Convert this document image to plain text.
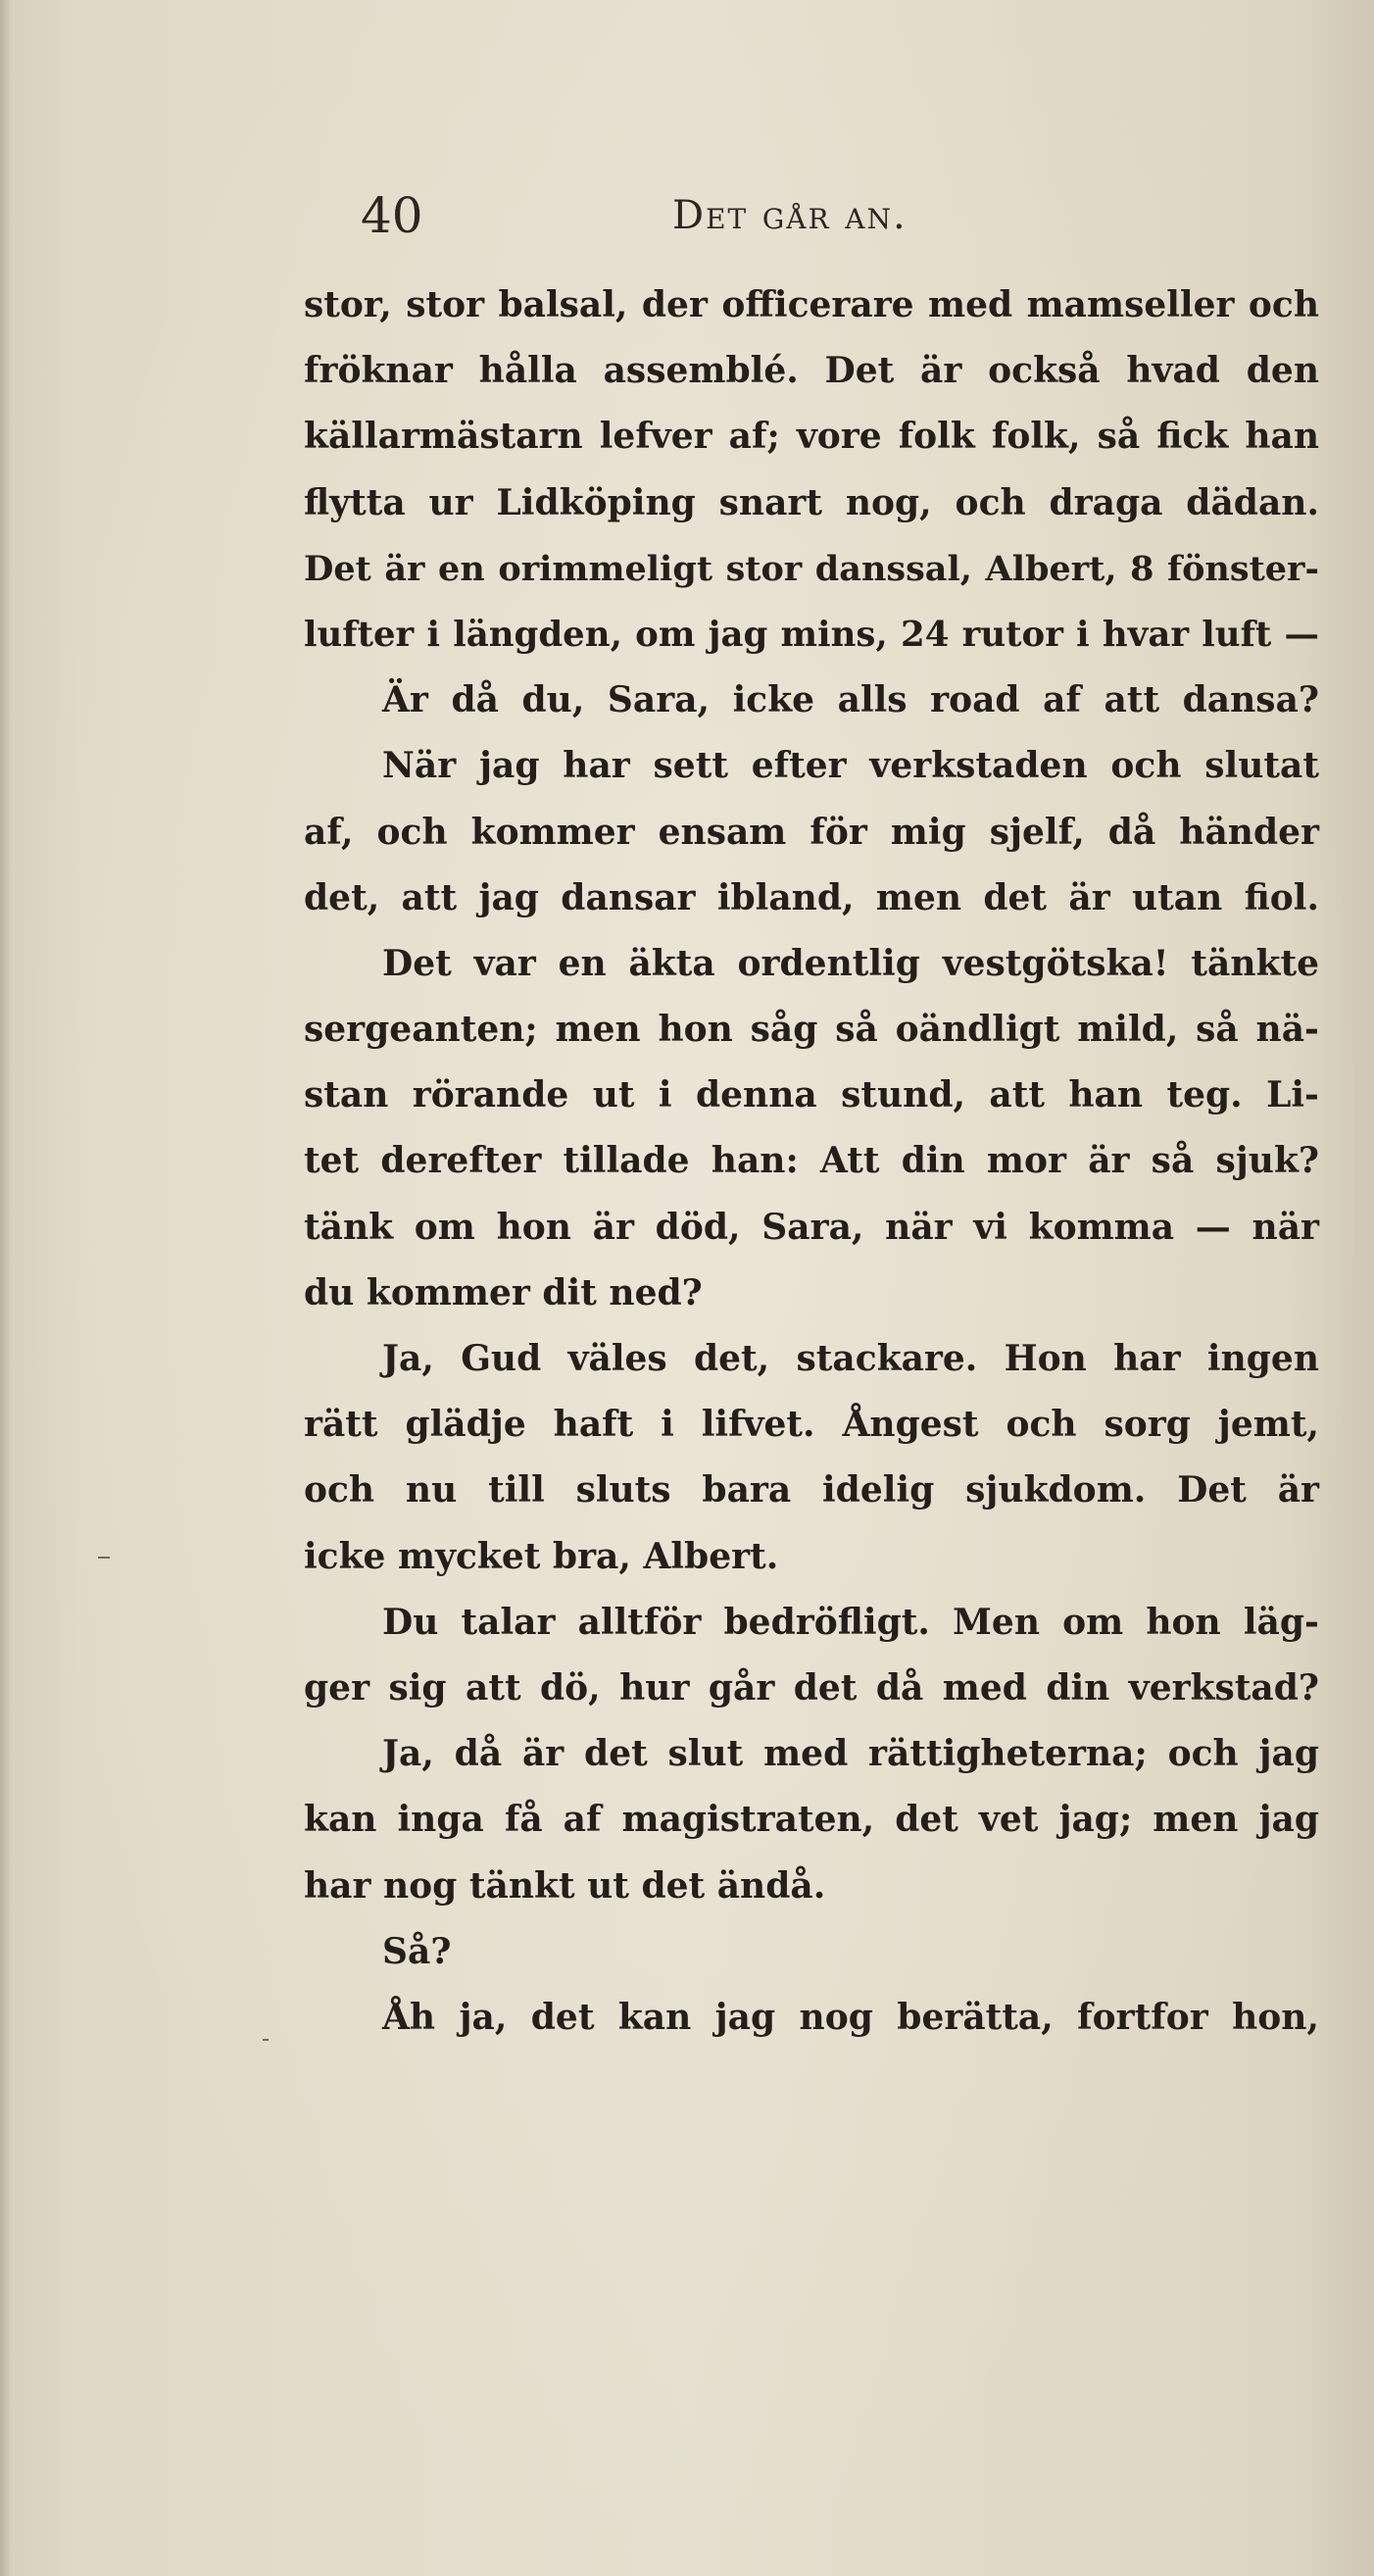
40	Det går an.
stor, stor balsal, der officerare med mamseller och
fröknar hålla assemblé. Det är också hvad den
källarmästarn lefver af; vore folk folk, så fick han
flytta ur Lidköping snart nog, och draga dädan.
Det är en orimmeligt stor danssal, Albert, 8 fönster-
lufter i längden, om jag mins, 24 rutor i hvar luft —
Är då du, Sara, icke alls road af att dansa?
När jag har sett efter verkstaden och slutat
af, och kommer ensam för mig sjelf, då händer
det, att jag dansar ibland, men det är utan fiol.
Det var en äkta ordentlig vestgötska! tänkte
sergeanten; men hon såg så oändligt mild, så nä-
stan rörande ut i denna stund, att han teg. Li-
tet derefter tillade han: Att din mor är så sjuk?
tänk om hon är död, Sara, när vi komma — när
du kommer dit ned?
Ja, Gud väles det, stackare. Hon har ingen
rätt glädje haft i lifvet. Ångest och sorg jemt,
och nu till sluts bara idelig sjukdom. Det är
icke mycket bra, Albert.
Du talar alltför bedröfligt. Men om hon läg-
ger sig att dö, hur går det då med din verkstad?
Ja, då är det slut med rättigheterna; och jag
kan inga få af magistraten, det vet jag; men jag
har nog tänkt ut det ändå.
Så?
Åh ja, det kan jag nog berätta, fortfor hon,
